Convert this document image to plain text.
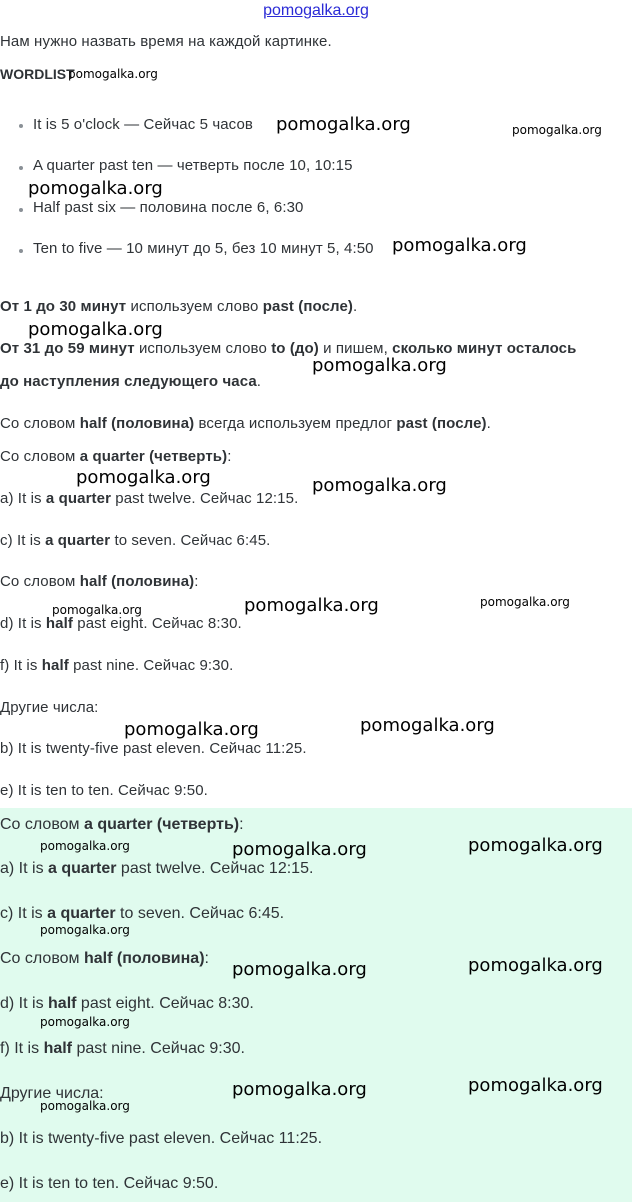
pomogalka.org
Нам нужно назвать время на каждой картинке.
WORDLIST
It is 5 o'clock — Сейчас 5 часов
A quarter past ten — четверть после 10, 10:15
Half past six — половина после 6, 6:30
Ten to five — 10 минут до 5, без 10 минут 5, 4:50
От 1 до 30 минут используем слово past (после).
От 31 до 59 минут используем слово to (до) и пишем, сколько минут осталось
до наступления следующего часа.
Со словом half (половина) всегда используем предлог past (после).
Со словом a quarter (четверть):
a) It is a quarter past twelve. Сейчас 12:15.
c) It is a quarter to seven. Сейчас 6:45.
Со словом half (половина):
d) It is half past eight. Сейчас 8:30.
f) It is half past nine. Сейчас 9:30.
Другие числа:
b) It is twenty-five past eleven. Сейчас 11:25.
e) It is ten to ten. Сейчас 9:50.
Со словом a quarter (четверть):
a) It is a quarter past twelve. Сейчас 12:15.
c) It is a quarter to seven. Сейчас 6:45.
Со словом half (половина):
d) It is half past eight. Сейчас 8:30.
f) It is half past nine. Сейчас 9:30.
Другие числа:
b) It is twenty-five past eleven. Сейчас 11:25.
e) It is ten to ten. Сейчас 9:50.
pomogalka.org
pomogalka.org	pomogalka.org
pomogalka.org
pomogalka.org
pomogalka.org
pomogalka.org
pomogalka.org	pomogalka.org
pomogalka.org	pomogalka.org	pomogalka.org
pomogalka.org	pomogalka.org
pomogalka.org	pomogalka.org	pomogalka.org
pomogalka.org
pomogalka.org	pomogalka.org
pomogalka.org
pomogalka.org	pomogalka.org
pomogalka.org
